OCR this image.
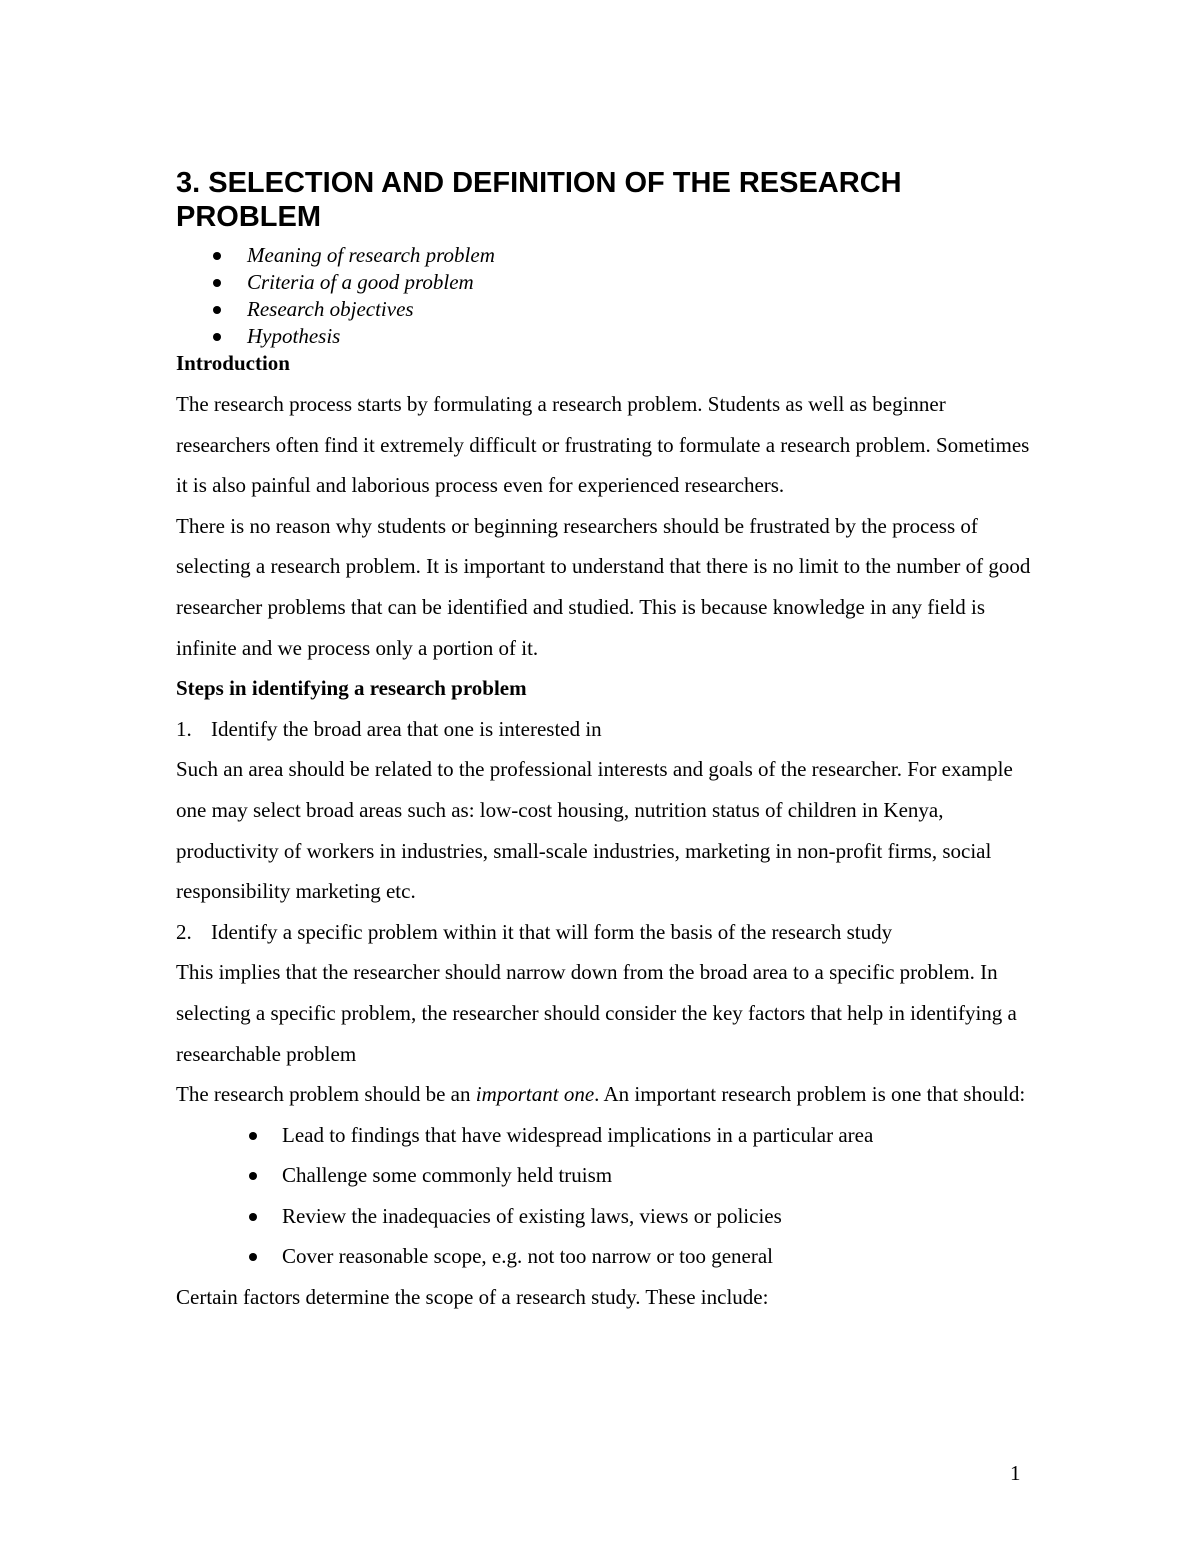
3. SELECTION AND DEFINITION OF THE RESEARCH PROBLEM
Meaning of research problem
Criteria of a good problem
Research objectives
Hypothesis

Introduction

The research process starts by formulating a research problem. Students as well as beginner researchers often find it extremely difficult or frustrating to formulate a research problem. Sometimes it is also painful and laborious process even for experienced researchers.

There is no reason why students or beginning researchers should be frustrated by the process of selecting a research problem. It is important to understand that there is no limit to the number of good researcher problems that can be identified and studied. This is because knowledge in any field is infinite and we process only a portion of it.

Steps in identifying a research problem

1. Identify the broad area that one is interested in

Such an area should be related to the professional interests and goals of the researcher. For example one may select broad areas such as: low-cost housing, nutrition status of children in Kenya, productivity of workers in industries, small-scale industries, marketing in non-profit firms, social responsibility marketing etc.

2. Identify a specific problem within it that will form the basis of the research study

This implies that the researcher should narrow down from the broad area to a specific problem. In selecting a specific problem, the researcher should consider the key factors that help in identifying a researchable problem

The research problem should be an important one. An important research problem is one that should:

Lead to findings that have widespread implications in a particular area
Challenge some commonly held truism
Review the inadequacies of existing laws, views or policies
Cover reasonable scope, e.g. not too narrow or too general

Certain factors determine the scope of a research study. These include:

1
